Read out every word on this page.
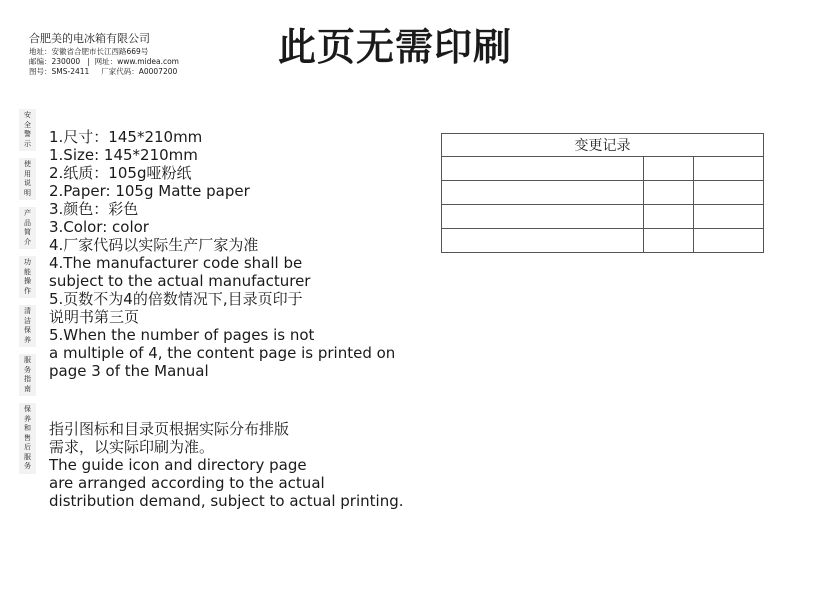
合肥美的电冰箱有限公司
地址：安徽省合肥市长江西路669号
邮编：230000   |  网址：www.midea.com
图号：SMS-2411 厂家代码：A0007200
此页无需印刷
安
全
警
示
使
用
说
明
产
品
简
介
功
能
操
作
清
洁
保
养
服
务
指
南
保
养
和
售
后
服
务
1.尺寸：145*210mm
1.Size: 145*210mm
2.纸质：105g哑粉纸
2.Paper: 105g Matte paper
3.颜色：彩色
3.Color: color
4.厂家代码以实际生产厂家为准
4.The manufacturer code shall be
subject to the actual manufacturer
5.页数不为4的倍数情况下,目录页印于
说明书第三页
5.When the number of pages is not
a multiple of 4, the content page is printed on
page 3 of the Manual
指引图标和目录页根据实际分布排版
需求，以实际印刷为准。
The guide icon and directory page
are arranged according to the actual
distribution demand, subject to actual printing.
变更记录		
